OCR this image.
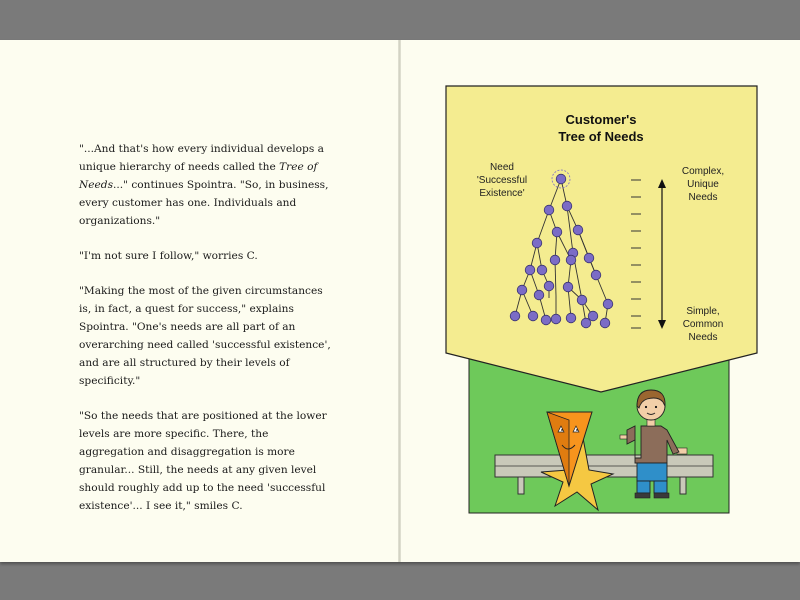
"...And that's how every individual develops a unique hierarchy of needs called the Tree of Needs..." continues Spointra. "So, in business, every customer has one. Individuals and organizations."

"I'm not sure I follow," worries C.

"Making the most of the given circumstances is, in fact, a quest for success," explains Spointra. "One's needs are all part of an overarching need called 'successful existence', and are all structured by their levels of specificity."

"So the needs that are positioned at the lower levels are more specific. There, the aggregation and disaggregation is more granular... Still, the needs at any given level should roughly add up to the need 'successful existence'... I see it," smiles C.

Customer's
Tree of Needs
Need
'Successful
Existence'
Complex,
Unique
Needs
Simple,
Common
Needs
